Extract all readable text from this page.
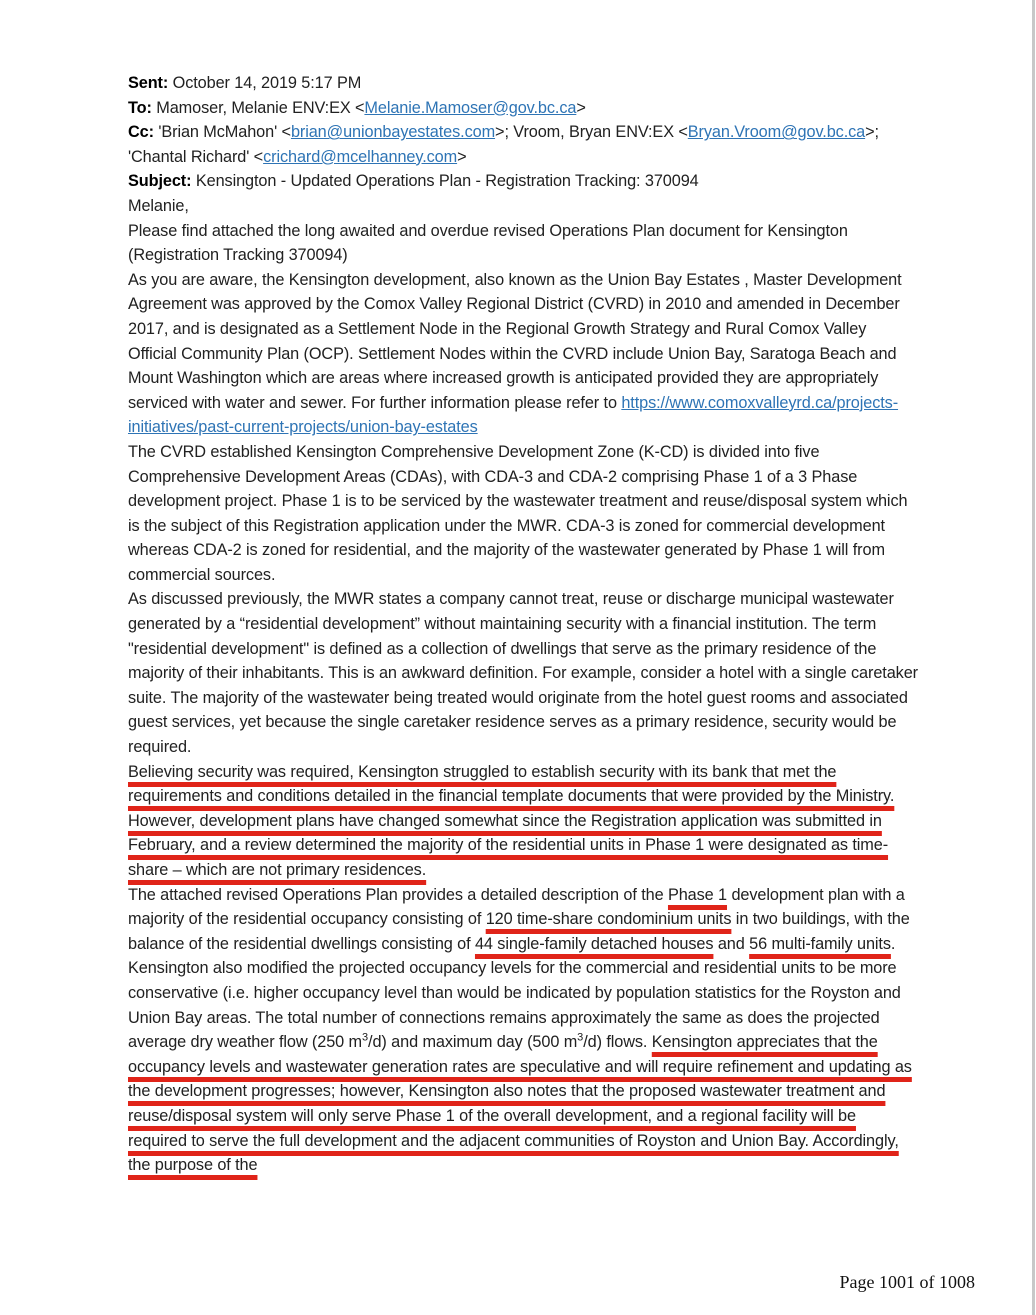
Sent: October 14, 2019 5:17 PM

To: Mamoser, Melanie ENV:EX <Melanie.Mamoser@gov.bc.ca>

Cc: 'Brian McMahon' <brian@unionbayestates.com>; Vroom, Bryan ENV:EX <Bryan.Vroom@gov.bc.ca>; 'Chantal Richard' <crichard@mcelhanney.com>

Subject: Kensington - Updated Operations Plan - Registration Tracking: 370094

Melanie,

Please find attached the long awaited and overdue revised Operations Plan document for Kensington (Registration Tracking 370094)

As you are aware, the Kensington development, also known as the Union Bay Estates , Master Development Agreement was approved by the Comox Valley Regional District (CVRD) in 2010 and amended in December 2017, and is designated as a Settlement Node in the Regional Growth Strategy and Rural Comox Valley Official Community Plan (OCP). Settlement Nodes within the CVRD include Union Bay, Saratoga Beach and Mount Washington which are areas where increased growth is anticipated provided they are appropriately serviced with water and sewer. For further information please refer to https://www.comoxvalleyrd.ca/projects-initiatives/past-current-projects/union-bay-estates

The CVRD established Kensington Comprehensive Development Zone (K-CD) is divided into five Comprehensive Development Areas (CDAs), with CDA-3 and CDA-2 comprising Phase 1 of a 3 Phase development project. Phase 1 is to be serviced by the wastewater treatment and reuse/disposal system which is the subject of this Registration application under the MWR. CDA-3 is zoned for commercial development whereas CDA-2 is zoned for residential, and the majority of the wastewater generated by Phase 1 will from commercial sources.

As discussed previously, the MWR states a company cannot treat, reuse or discharge municipal wastewater generated by a “residential development” without maintaining security with a financial institution. The term "residential development" is defined as a collection of dwellings that serve as the primary residence of the majority of their inhabitants. This is an awkward definition. For example, consider a hotel with a single caretaker suite. The majority of the wastewater being treated would originate from the hotel guest rooms and associated guest services, yet because the single caretaker residence serves as a primary residence, security would be required.

Believing security was required, Kensington struggled to establish security with its bank that met the requirements and conditions detailed in the financial template documents that were provided by the Ministry. However, development plans have changed somewhat since the Registration application was submitted in February, and a review determined the majority of the residential units in Phase 1 were designated as time-share – which are not primary residences.

The attached revised Operations Plan provides a detailed description of the Phase 1 development plan with a majority of the residential occupancy consisting of 120 time-share condominium units in two buildings, with the balance of the residential dwellings consisting of 44 single-family detached houses and 56 multi-family units. Kensington also modified the projected occupancy levels for the commercial and residential units to be more conservative (i.e. higher occupancy level than would be indicated by population statistics for the Royston and Union Bay areas. The total number of connections remains approximately the same as does the projected average dry weather flow (250 $m^3/d$) and maximum day (500 $m^3/d$) flows. Kensington appreciates that the occupancy levels and wastewater generation rates are speculative and will require refinement and updating as the development progresses; however, Kensington also notes that the proposed wastewater treatment and reuse/disposal system will only serve Phase 1 of the overall development, and a regional facility will be required to serve the full development and the adjacent communities of Royston and Union Bay. Accordingly, the purpose of the

Page 1001 of 1008
